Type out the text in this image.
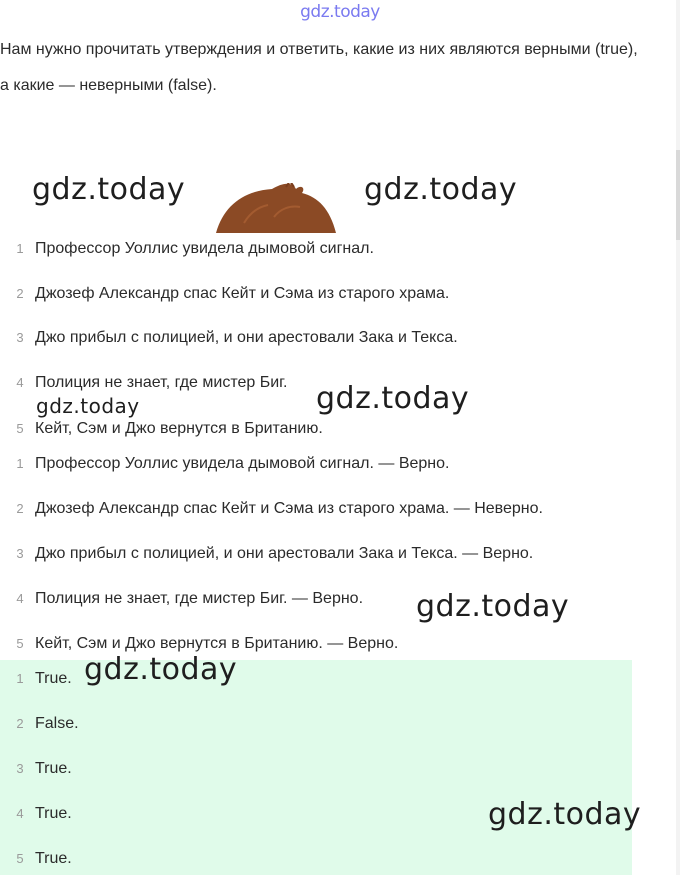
gdz.today
Нам нужно прочитать утверждения и ответить, какие из них являются верными (true), а какие — неверными (false).
1 Профессор Уоллис увидела дымовой сигнал.
2 Джозеф Александр спас Кейт и Сэма из старого храма.
3 Джо прибыл с полицией, и они арестовали Зака и Текса.
4 Полиция не знает, где мистер Биг.
5 Кейт, Сэм и Джо вернутся в Британию.
1 Профессор Уоллис увидела дымовой сигнал. — Верно.
2 Джозеф Александр спас Кейт и Сэма из старого храма. — Неверно.
3 Джо прибыл с полицией, и они арестовали Зака и Текса. — Верно.
4 Полиция не знает, где мистер Биг. — Верно.
5 Кейт, Сэм и Джо вернутся в Британию. — Верно.
1 True.
2 False.
3 True.
4 True.
5 True.
gdz.today	gdz.today
gdz.today	gdz.today
gdz.today
gdz.today
gdz.today
